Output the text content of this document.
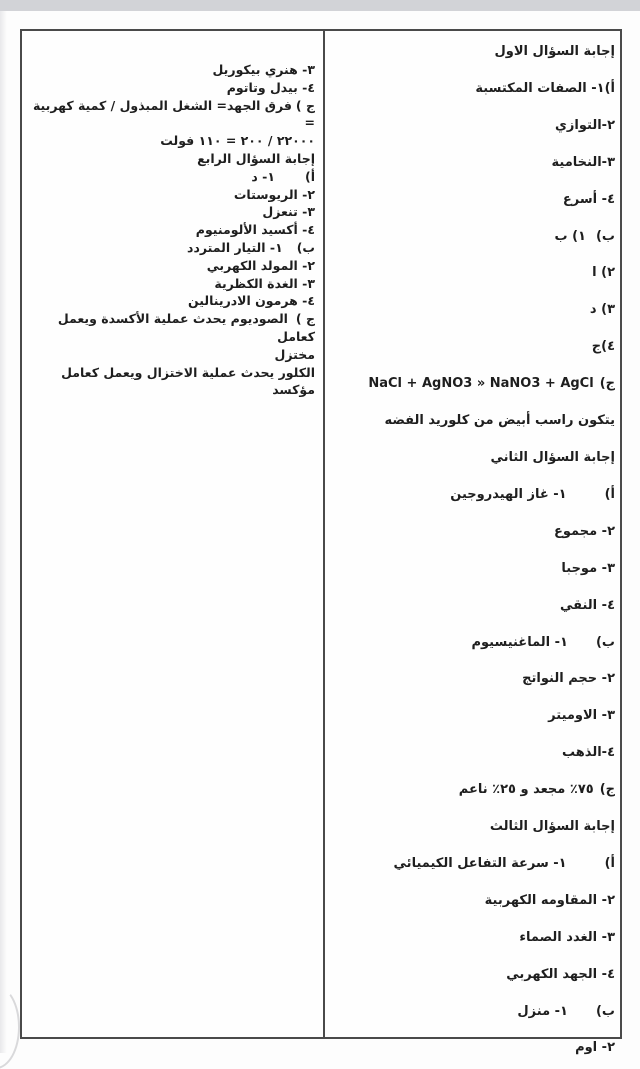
٣- هنري بيكوريل
٤- بيدل وتاتوم
ج )فرق الجهد= الشغل المبذول / كمية كهربية =
٢٢٠٠٠ / ٢٠٠ = ١١٠ فولت
إجابة السؤال الرابع
أ)١- د
٢- الريوستات
٣- تنعزل
٤- أكسيد الألومنيوم
ب)١- التيار المتردد
٢- المولد الكهربي
٣- الغدة الكظرية
٤- هرمون الادرينالين
ج )الصوديوم يحدث عملية الأكسدة ويعمل كعامل
مختزل
الكلور يحدث عملية الاختزال ويعمل كعامل مؤكسد
إجابة السؤال الاول
أ)١- الصفات المكتسبة
٢-التوازي
٣-النخامية
٤- أسرع
ب)١) ب
٢) ا
٣) د
٤)ج
ج)NaCl + AgNO3 » NaNO3 + AgCl
يتكون راسب أبيض من كلوريد الفضه
إجابة السؤال الثاني
أ)١- غاز الهيدروجين
٢- مجموع
٣- موجبا
٤- النقي
ب)١- الماغنيسيوم
٢- حجم النواتج
٣- الاوميتر
٤-الذهب
ج)٧٥٪ مجعد و ٢٥٪ ناعم
إجابة السؤال الثالث
أ)١- سرعة التفاعل الكيميائي
٢- المقاومه الكهربية
٣- الغدد الصماء
٤- الجهد الكهربي
ب)١- منزل
٢- اوم
